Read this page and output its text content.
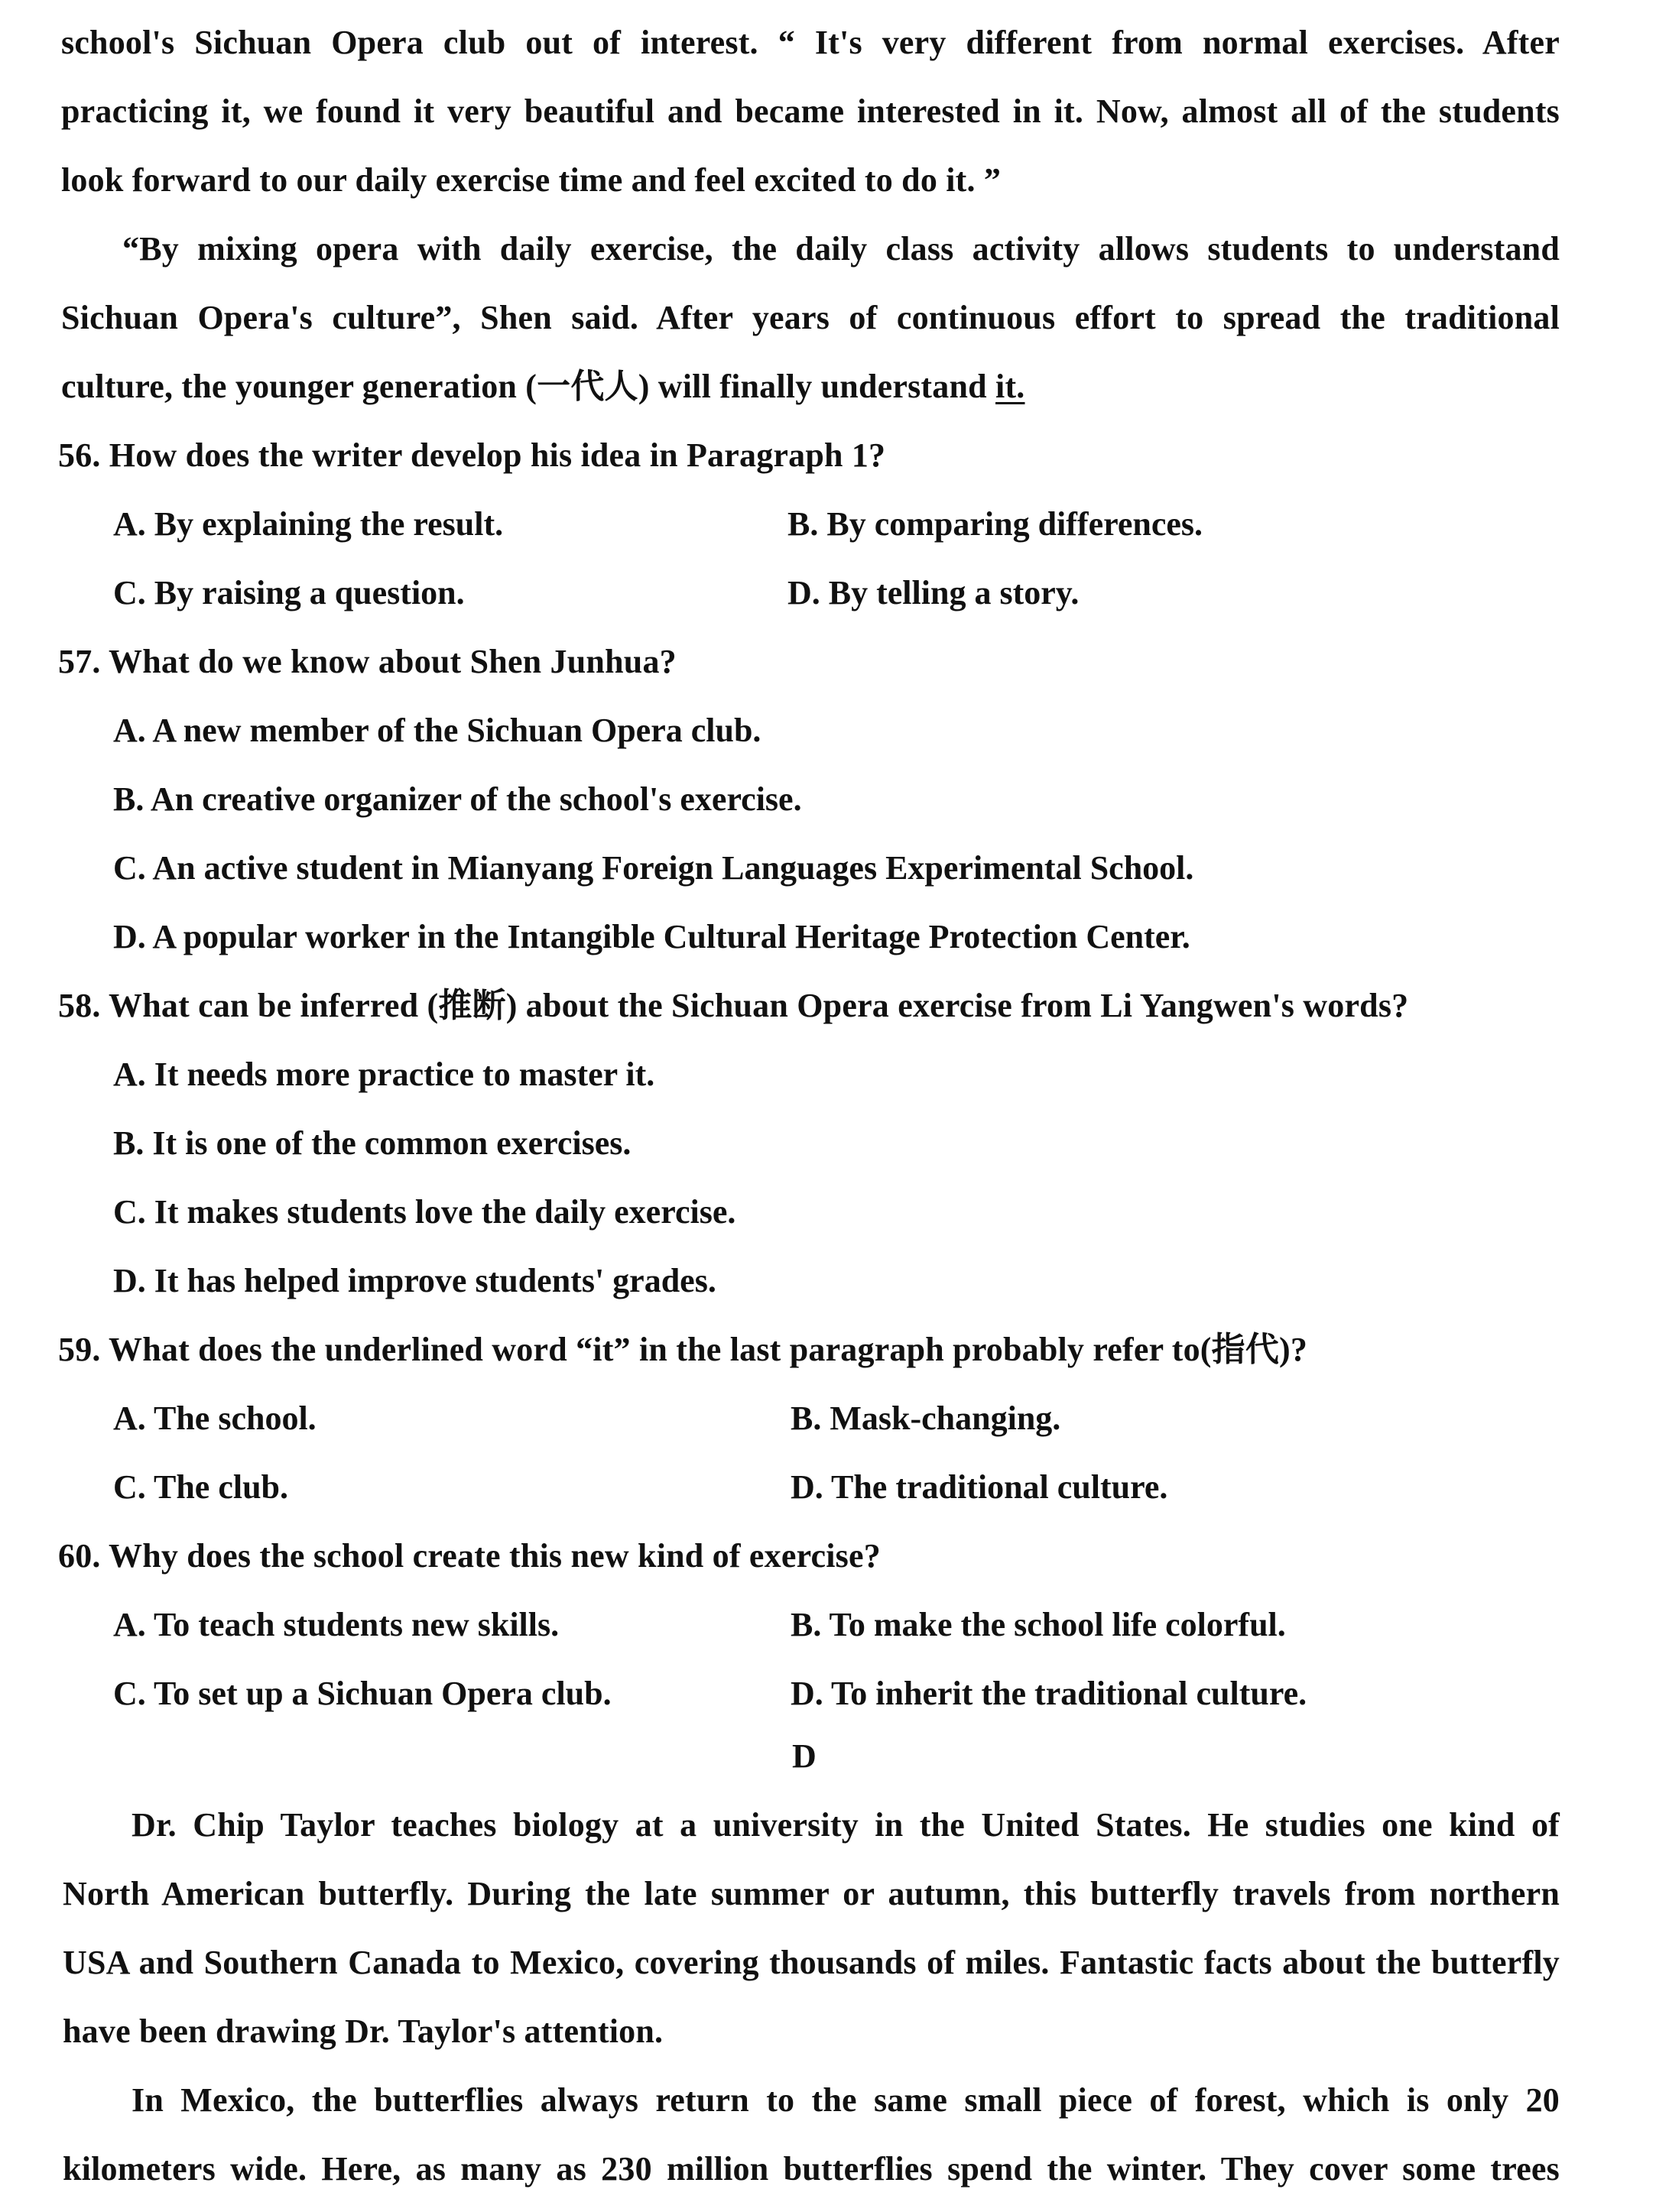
school's Sichuan Opera club out of interest. “ It's very different from normal exercises. After
practicing it, we found it very beautiful and became interested in it. Now, almost all of the students
look forward to our daily exercise time and feel excited to do it. ”
“By mixing opera with daily exercise, the daily class activity allows students to understand
Sichuan Opera's culture”, Shen said. After years of continuous effort to spread the traditional
culture, the younger generation (一代人) will finally understand it.
56. How does the writer develop his idea in Paragraph 1?
A. By explaining the result.	B. By comparing differences.
C. By raising a question.	D. By telling a story.
57. What do we know about Shen Junhua?
A. A new member of the Sichuan Opera club.
B. An creative organizer of the school's exercise.
C. An active student in Mianyang Foreign Languages Experimental School.
D. A popular worker in the Intangible Cultural Heritage Protection Center.
58. What can be inferred (推断) about the Sichuan Opera exercise from Li Yangwen's words?
A. It needs more practice to master it.
B. It is one of the common exercises.
C. It makes students love the daily exercise.
D. It has helped improve students' grades.
59. What does the underlined word “it” in the last paragraph probably refer to(指代)?
A. The school.	B. Mask-changing.
C. The club.	D. The traditional culture.
60. Why does the school create this new kind of exercise?
A. To teach students new skills.	B. To make the school life colorful.
C. To set up a Sichuan Opera club.	D. To inherit the traditional culture.
D
Dr. Chip Taylor teaches biology at a university in the United States. He studies one kind of
North American butterfly. During the late summer or autumn, this butterfly travels from northern
USA and Southern Canada to Mexico, covering thousands of miles. Fantastic facts about the butterfly
have been drawing Dr. Taylor's attention.
In Mexico, the butterflies always return to the same small piece of forest, which is only 20
kilometers wide. Here, as many as 230 million butterflies spend the winter. They cover some trees
